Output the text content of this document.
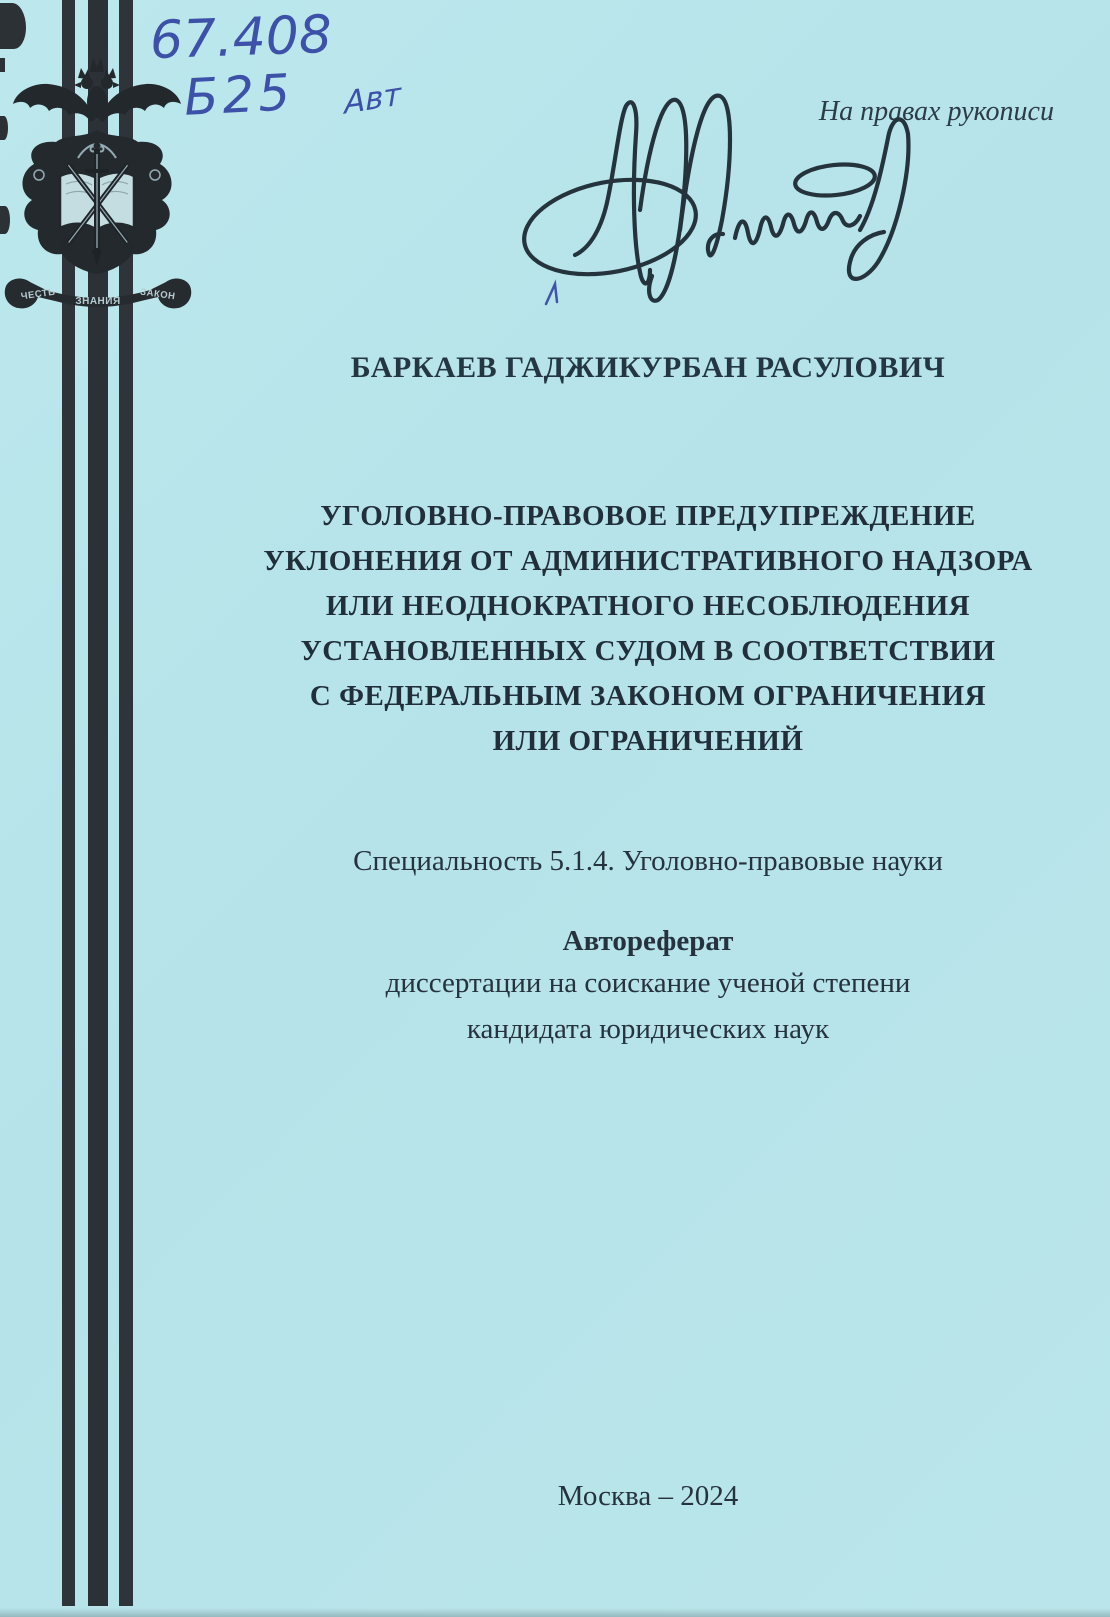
ЧЕСТЬ ЗНАНИЯ ЗАКОН
67.408
Б25 Авт	На правах рукописи
БАРКАЕВ ГАДЖИКУРБАН РАСУЛОВИЧ
УГОЛОВНО-ПРАВОВОЕ ПРЕДУПРЕЖДЕНИЕ
УКЛОНЕНИЯ ОТ АДМИНИСТРАТИВНОГО НАДЗОРА
ИЛИ НЕОДНОКРАТНОГО НЕСОБЛЮДЕНИЯ
УСТАНОВЛЕННЫХ СУДОМ В СООТВЕТСТВИИ
С ФЕДЕРАЛЬНЫМ ЗАКОНОМ ОГРАНИЧЕНИЯ
ИЛИ ОГРАНИЧЕНИЙ
Специальность 5.1.4. Уголовно-правовые науки
Автореферат
диссертации на соискание ученой степени
кандидата юридических наук
Москва – 2024
